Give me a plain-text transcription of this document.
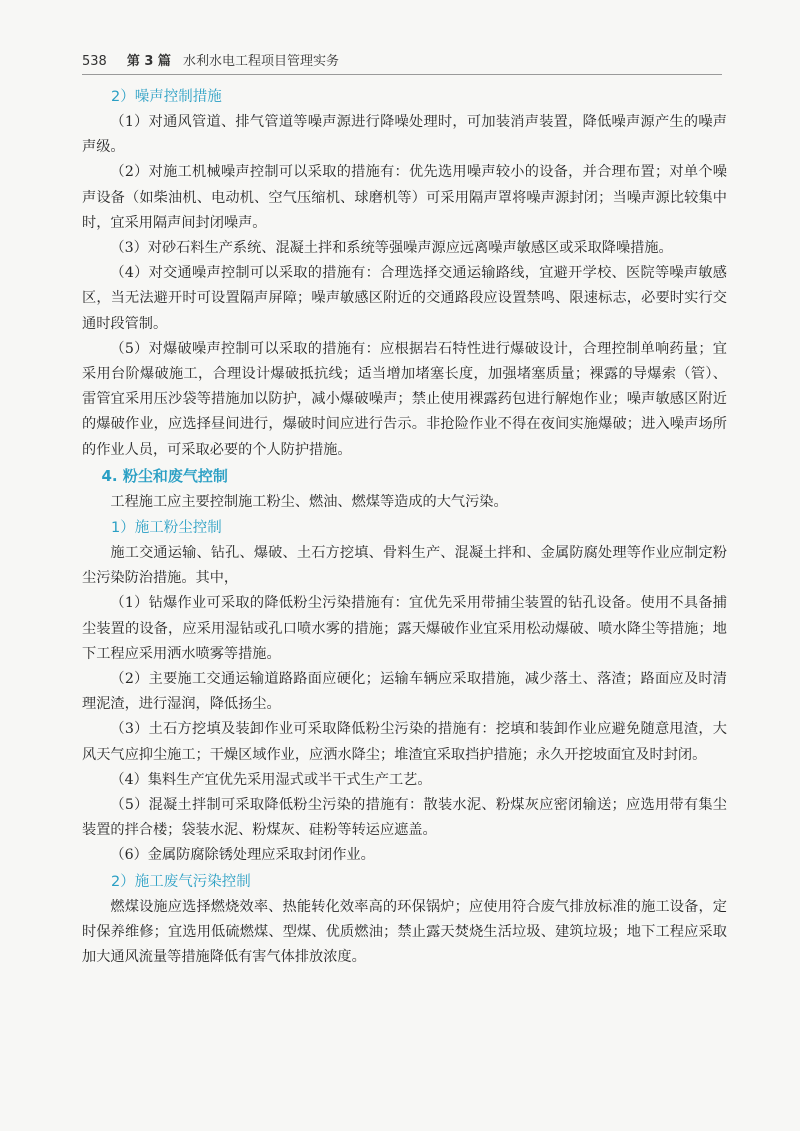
538 第 3 篇 水利水电工程项目管理实务
2）噪声控制措施

（1）对通风管道、排气管道等噪声源进行降噪处理时，可加装消声装置，降低噪声源产生的噪声声级。

（2）对施工机械噪声控制可以采取的措施有：优先选用噪声较小的设备，并合理布置；对单个噪声设备（如柴油机、电动机、空气压缩机、球磨机等）可采用隔声罩将噪声源封闭；当噪声源比较集中时，宜采用隔声间封闭噪声。

（3）对砂石料生产系统、混凝土拌和系统等强噪声源应远离噪声敏感区或采取降噪措施。

（4）对交通噪声控制可以采取的措施有：合理选择交通运输路线，宜避开学校、医院等噪声敏感区，当无法避开时可设置隔声屏障；噪声敏感区附近的交通路段应设置禁鸣、限速标志，必要时实行交通时段管制。

（5）对爆破噪声控制可以采取的措施有：应根据岩石特性进行爆破设计，合理控制单响药量；宜采用台阶爆破施工，合理设计爆破抵抗线；适当增加堵塞长度，加强堵塞质量；裸露的导爆索（管）、雷管宜采用压沙袋等措施加以防护，减小爆破噪声；禁止使用裸露药包进行解炮作业；噪声敏感区附近的爆破作业，应选择昼间进行，爆破时间应进行告示。非抢险作业不得在夜间实施爆破；进入噪声场所的作业人员，可采取必要的个人防护措施。

4. 粉尘和废气控制

工程施工应主要控制施工粉尘、燃油、燃煤等造成的大气污染。

1）施工粉尘控制

施工交通运输、钻孔、爆破、土石方挖填、骨料生产、混凝土拌和、金属防腐处理等作业应制定粉尘污染防治措施。其中，

（1）钻爆作业可采取的降低粉尘污染措施有：宜优先采用带捕尘装置的钻孔设备。使用不具备捕尘装置的设备，应采用湿钻或孔口喷水雾的措施；露天爆破作业宜采用松动爆破、喷水降尘等措施；地下工程应采用洒水喷雾等措施。

（2）主要施工交通运输道路路面应硬化；运输车辆应采取措施，减少落土、落渣；路面应及时清理泥渣，进行湿润，降低扬尘。

（3）土石方挖填及装卸作业可采取降低粉尘污染的措施有：挖填和装卸作业应避免随意甩渣，大风天气应抑尘施工；干燥区域作业，应洒水降尘；堆渣宜采取挡护措施；永久开挖坡面宜及时封闭。

（4）集料生产宜优先采用湿式或半干式生产工艺。

（5）混凝土拌制可采取降低粉尘污染的措施有：散装水泥、粉煤灰应密闭输送；应选用带有集尘装置的拌合楼；袋装水泥、粉煤灰、硅粉等转运应遮盖。

（6）金属防腐除锈处理应采取封闭作业。

2）施工废气污染控制

燃煤设施应选择燃烧效率、热能转化效率高的环保锅炉；应使用符合废气排放标准的施工设备，定时保养维修；宜选用低硫燃煤、型煤、优质燃油；禁止露天焚烧生活垃圾、建筑垃圾；地下工程应采取加大通风流量等措施降低有害气体排放浓度。
